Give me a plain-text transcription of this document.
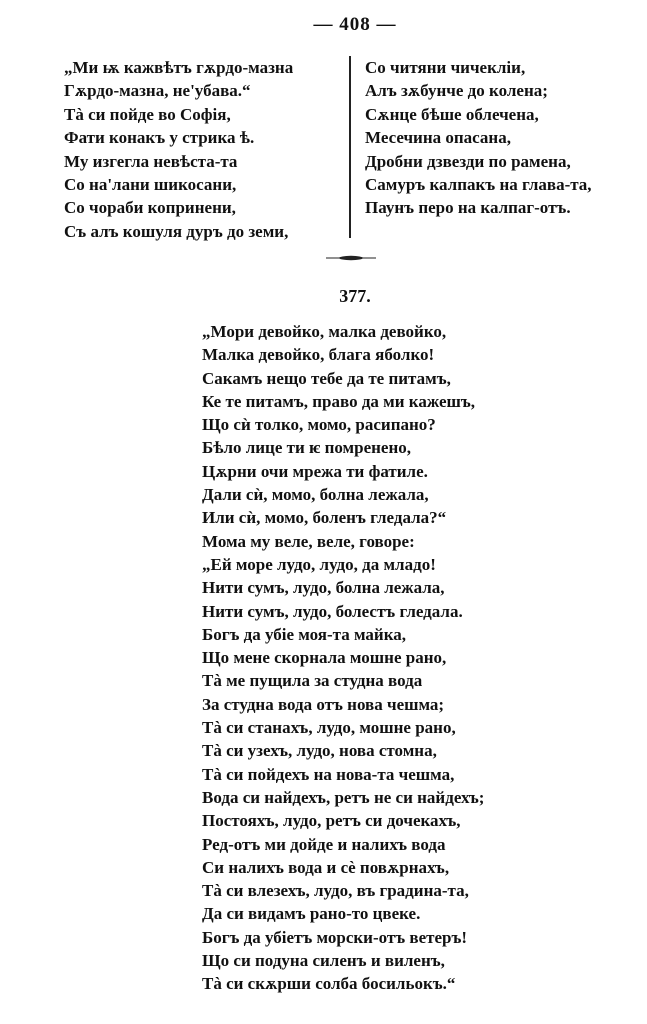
— 408 —
„Ми ѭ кажвѣтъ гѫрдо-мазна
Гѫрдо-мазна, не'убава.“
Тà си пойде во Софія,
Фати конакъ у стрика ѣ.
Му изгегла невѣста-та
Со на'лани шикосани,
Со чораби копринени,
Съ алъ кошуля дуръ до земи,
Со читяни чичекліи,
Алъ зѫбунче до колена;
Сѫнце бѣше облечена,
Месечина опасана,
Дробни дзвезди по рамена,
Самуръ калпакъ на глава-та,
Паунъ перо на калпаг-отъ.
377.
„Мори девойко, малка девойко,
Малка девойко, блага яболко!
Сакамъ нещо тебе да те питамъ,
Ке те питамъ, право да ми кажешъ,
Що сѝ толко, момо, расипано?
Бѣло лице ти ѥ помренено,
Цѫрни очи мрежа ти фатиле.
Дали сѝ, момо, болна лежала,
Или сѝ, момо, боленъ гледала?“
Мома му веле, веле, говоре:
„Ей море лудо, лудо, да младо!
Нити сумъ, лудо, болна лежала,
Нити сумъ, лудо, болестъ гледала.
Богъ да убіе моя-та майка,
Що мене скорнала мошне рано,
Тà ме пущила за студна вода
За студна вода отъ нова чешма;
Тà си станахъ, лудо, мошне рано,
Тà си узехъ, лудо, нова стомна,
Тà си пойдехъ на нова-та чешма,
Вода си найдехъ, ретъ не си найдехъ;
Постояхъ, лудо, ретъ си дочекахъ,
Ред-отъ ми дойде и налихъ вода
Си налихъ вода и сѐ повѫрнахъ,
Тà си влезехъ, лудо, въ градина-та,
Да си видамъ рано-то цвеке.
Богъ да убіетъ морски-отъ ветеръ!
Що си подуна силенъ и виленъ,
Тà си скѫрши солба босильокъ.“
